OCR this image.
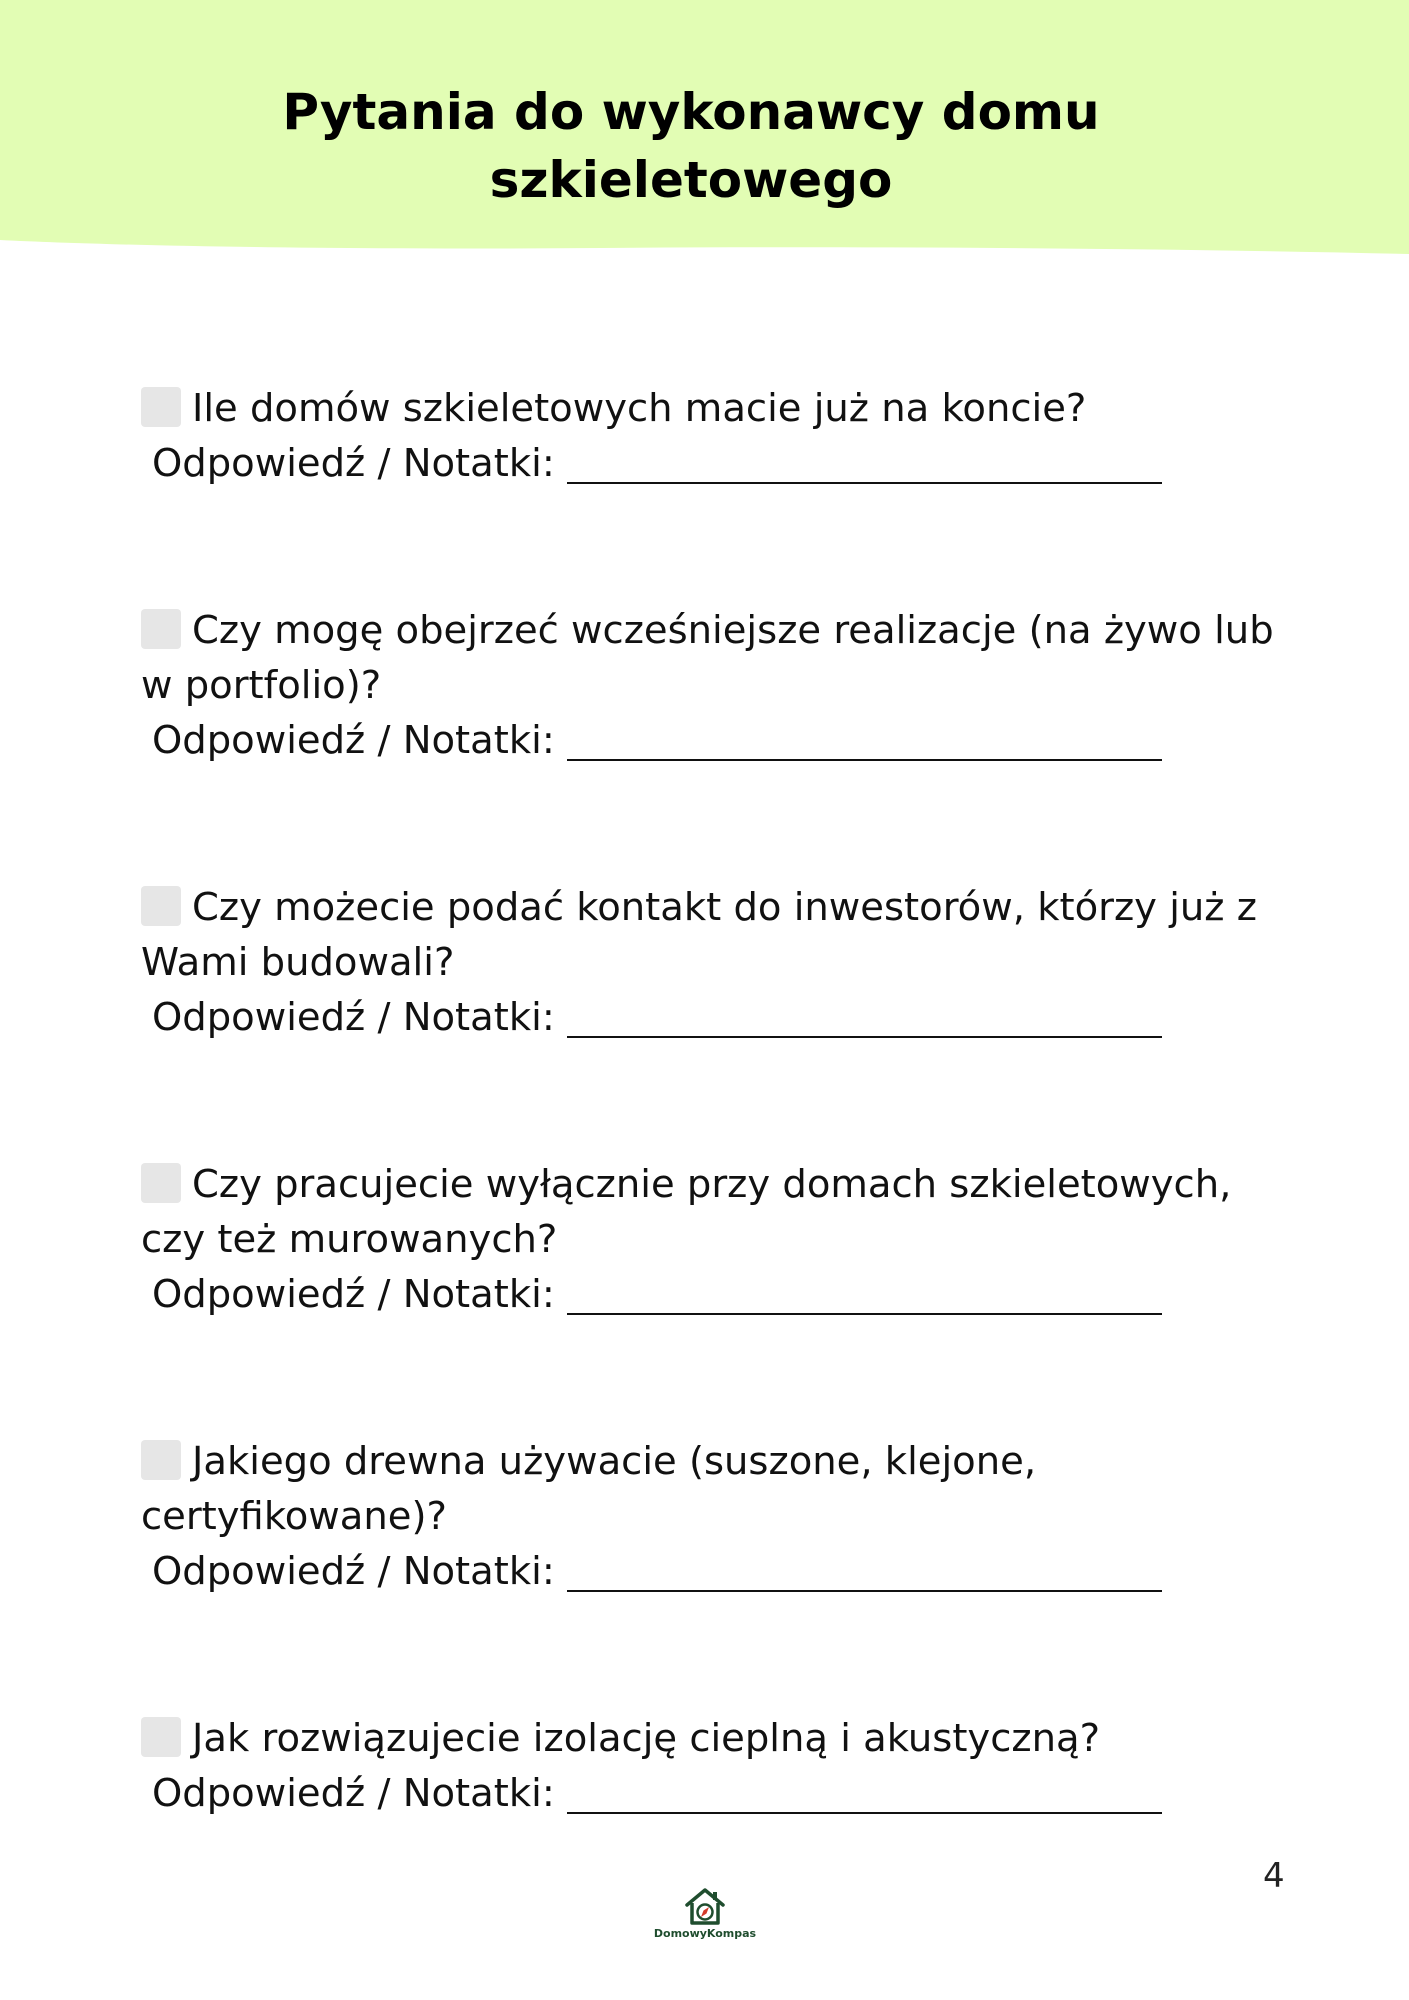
Pytania do wykonawcy domu
szkieletowego

Ile domów szkieletowych macie już na koncie?

Odpowiedź / Notatki:

Czy mogę obejrzeć wcześniejsze realizacje (na żywo lub

w portfolio)?

Odpowiedź / Notatki:

Czy możecie podać kontakt do inwestorów, którzy już z

Wami budowali?

Odpowiedź / Notatki:

Czy pracujecie wyłącznie przy domach szkieletowych,

czy też murowanych?

Odpowiedź / Notatki:

Jakiego drewna używacie (suszone, klejone,

certyfikowane)?

Odpowiedź / Notatki:

Jak rozwiązujecie izolację cieplną i akustyczną?

Odpowiedź / Notatki:

4
DomowyKompas
